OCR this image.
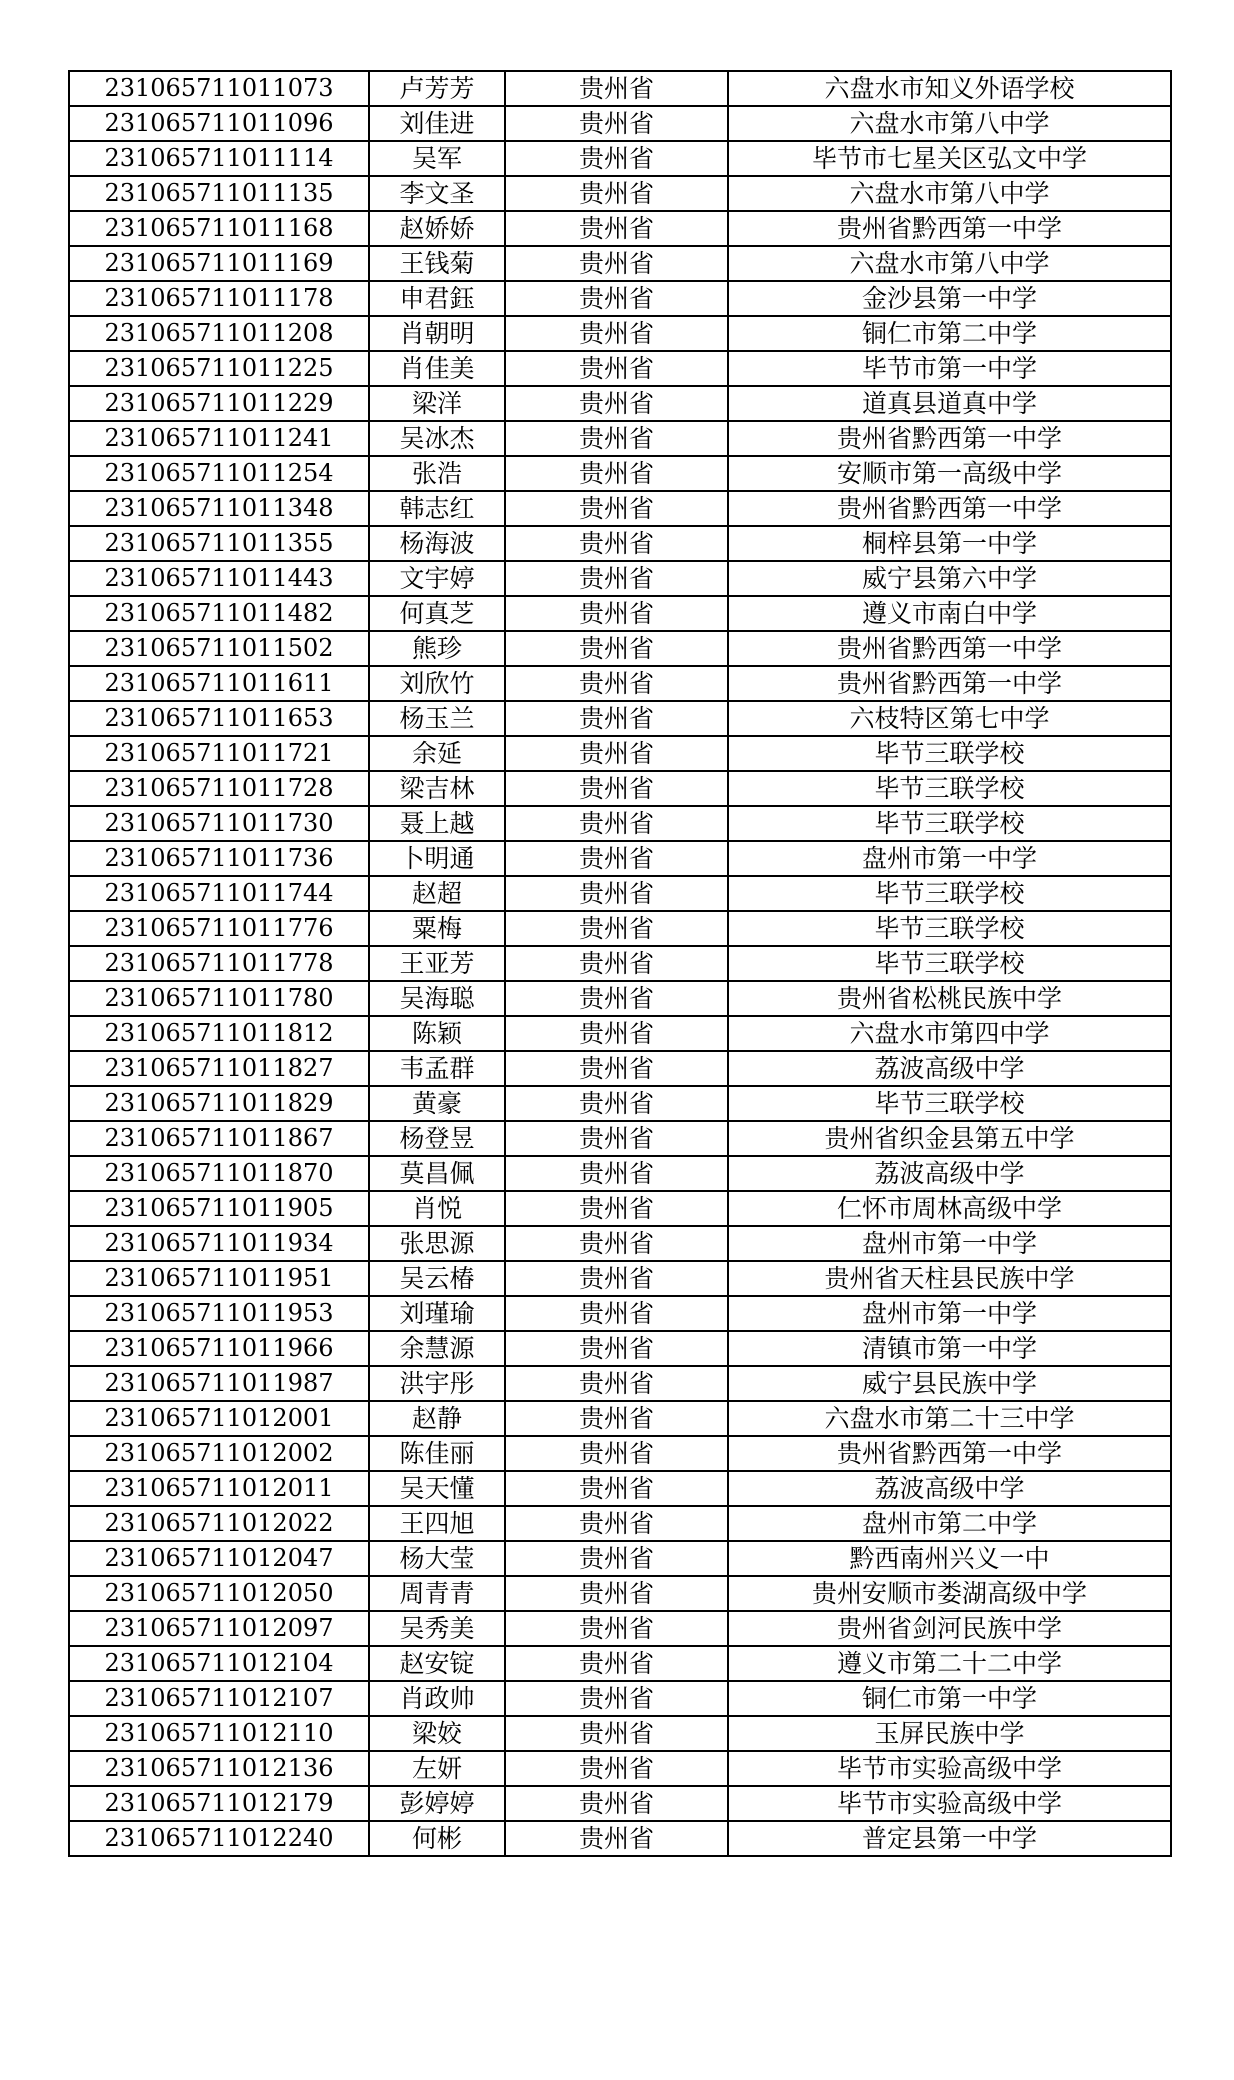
231065711011073	卢芳芳	贵州省	六盘水市知义外语学校
231065711011096	刘佳进	贵州省	六盘水市第八中学
231065711011114	吴军	贵州省	毕节市七星关区弘文中学
231065711011135	李文圣	贵州省	六盘水市第八中学
231065711011168	赵娇娇	贵州省	贵州省黔西第一中学
231065711011169	王钱菊	贵州省	六盘水市第八中学
231065711011178	申君鈺	贵州省	金沙县第一中学
231065711011208	肖朝明	贵州省	铜仁市第二中学
231065711011225	肖佳美	贵州省	毕节市第一中学
231065711011229	梁洋	贵州省	道真县道真中学
231065711011241	吴冰杰	贵州省	贵州省黔西第一中学
231065711011254	张浩	贵州省	安顺市第一高级中学
231065711011348	韩志红	贵州省	贵州省黔西第一中学
231065711011355	杨海波	贵州省	桐梓县第一中学
231065711011443	文宇婷	贵州省	威宁县第六中学
231065711011482	何真芝	贵州省	遵义市南白中学
231065711011502	熊珍	贵州省	贵州省黔西第一中学
231065711011611	刘欣竹	贵州省	贵州省黔西第一中学
231065711011653	杨玉兰	贵州省	六枝特区第七中学
231065711011721	余延	贵州省	毕节三联学校
231065711011728	梁吉林	贵州省	毕节三联学校
231065711011730	聂上越	贵州省	毕节三联学校
231065711011736	卜明通	贵州省	盘州市第一中学
231065711011744	赵超	贵州省	毕节三联学校
231065711011776	粟梅	贵州省	毕节三联学校
231065711011778	王亚芳	贵州省	毕节三联学校
231065711011780	吴海聪	贵州省	贵州省松桃民族中学
231065711011812	陈颖	贵州省	六盘水市第四中学
231065711011827	韦孟群	贵州省	荔波高级中学
231065711011829	黄豪	贵州省	毕节三联学校
231065711011867	杨登昱	贵州省	贵州省织金县第五中学
231065711011870	莫昌佩	贵州省	荔波高级中学
231065711011905	肖悦	贵州省	仁怀市周林高级中学
231065711011934	张思源	贵州省	盘州市第一中学
231065711011951	吴云椿	贵州省	贵州省天柱县民族中学
231065711011953	刘瑾瑜	贵州省	盘州市第一中学
231065711011966	余慧源	贵州省	清镇市第一中学
231065711011987	洪宇彤	贵州省	威宁县民族中学
231065711012001	赵静	贵州省	六盘水市第二十三中学
231065711012002	陈佳丽	贵州省	贵州省黔西第一中学
231065711012011	吴天懂	贵州省	荔波高级中学
231065711012022	王四旭	贵州省	盘州市第二中学
231065711012047	杨大莹	贵州省	黔西南州兴义一中
231065711012050	周青青	贵州省	贵州安顺市娄湖高级中学
231065711012097	吴秀美	贵州省	贵州省剑河民族中学
231065711012104	赵安锭	贵州省	遵义市第二十二中学
231065711012107	肖政帅	贵州省	铜仁市第一中学
231065711012110	梁姣	贵州省	玉屏民族中学
231065711012136	左妍	贵州省	毕节市实验高级中学
231065711012179	彭婷婷	贵州省	毕节市实验高级中学
231065711012240	何彬	贵州省	普定县第一中学
